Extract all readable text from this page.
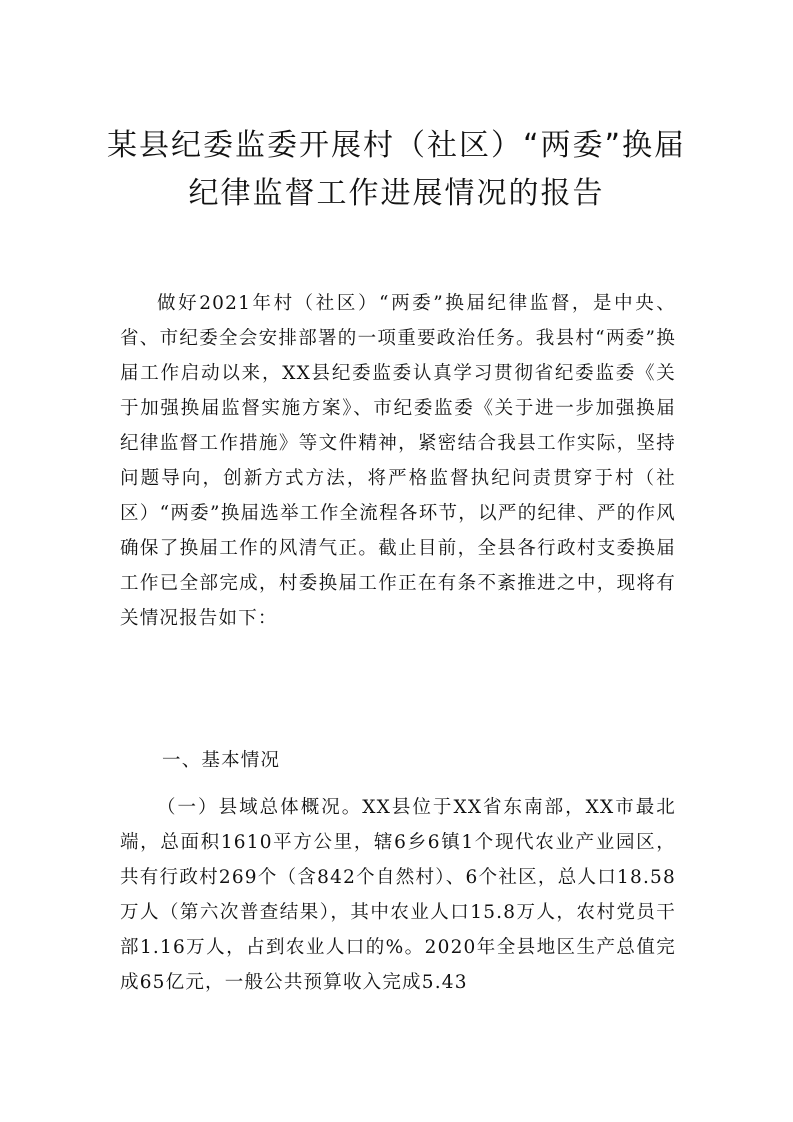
某县纪委监委开展村（社区）“两委”换届
纪律监督工作进展情况的报告

做好2021年村（社区）“两委”换届纪律监督，是中央、省、市纪委全会安排部署的一项重要政治任务。我县村“两委”换届工作启动以来，XX县纪委监委认真学习贯彻省纪委监委《关于加强换届监督实施方案》、市纪委监委《关于进一步加强换届纪律监督工作措施》等文件精神，紧密结合我县工作实际，坚持问题导向，创新方式方法，将严格监督执纪问责贯穿于村（社区）“两委”换届选举工作全流程各环节，以严的纪律、严的作风确保了换届工作的风清气正。截止目前，全县各行政村支委换届工作已全部完成，村委换届工作正在有条不紊推进之中，现将有关情况报告如下：

一、基本情况

（一）县域总体概况。XX县位于XX省东南部，XX市最北端，总面积1610平方公里，辖6乡6镇1个现代农业产业园区，共有行政村269个（含842个自然村）、6个社区，总人口18.58万人（第六次普查结果），其中农业人口15.8万人，农村党员干部1.16万人，占到农业人口的%。2020年全县地区生产总值完成65亿元，一般公共预算收入完成5.43
